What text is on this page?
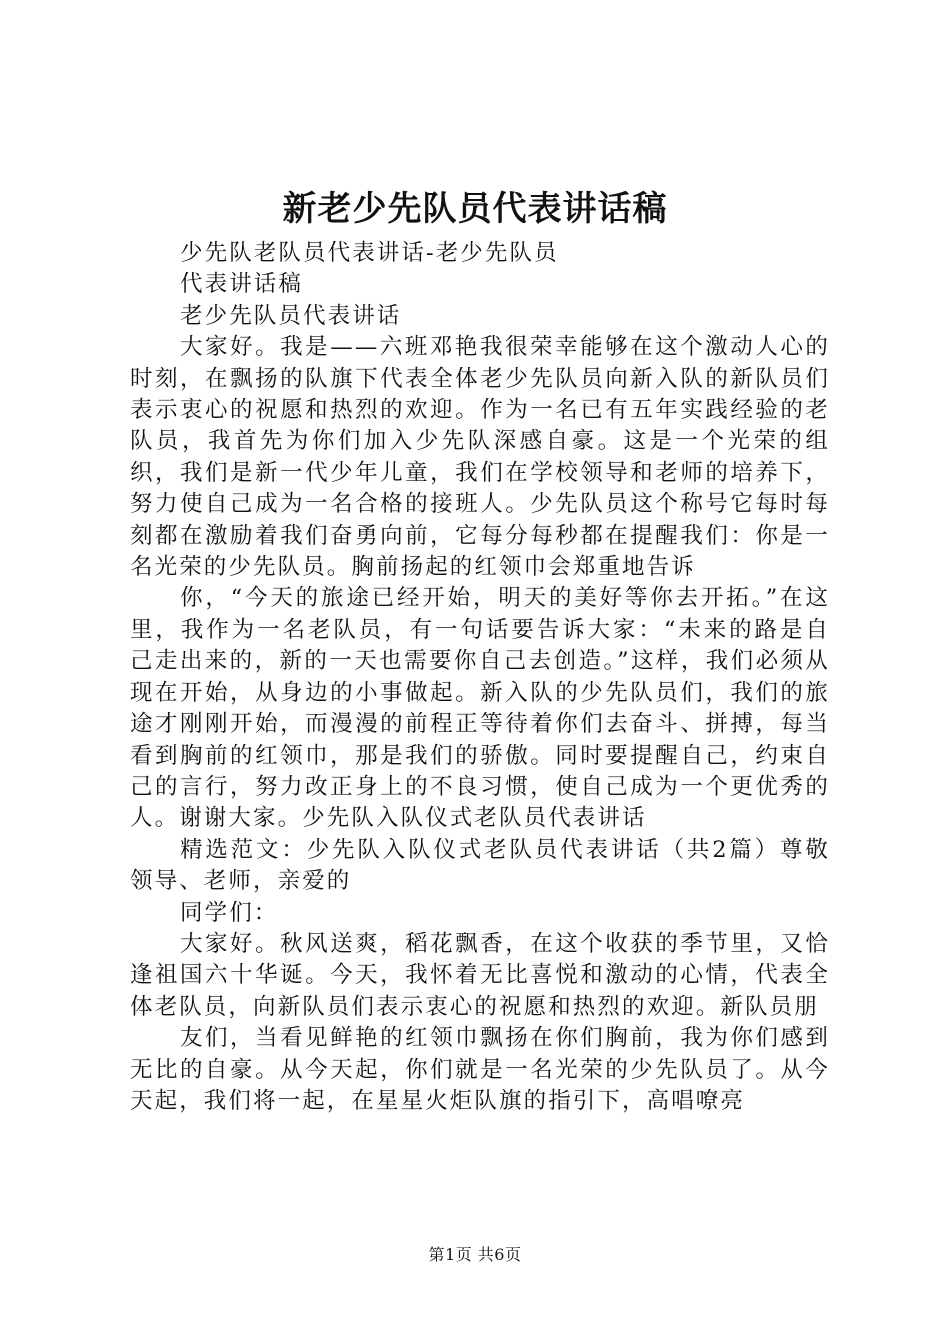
新老少先队员代表讲话稿

少先队老队员代表讲话-老少先队员

代表讲话稿

老少先队员代表讲话

大家好。我是——六班邓艳我很荣幸能够在这个激动人心的时刻，在飘扬的队旗下代表全体老少先队员向新入队的新队员们表示衷心的祝愿和热烈的欢迎。作为一名已有五年实践经验的老队员，我首先为你们加入少先队深感自豪。这是一个光荣的组织，我们是新一代少年儿童，我们在学校领导和老师的培养下，努力使自己成为一名合格的接班人。少先队员这个称号它每时每刻都在激励着我们奋勇向前，它每分每秒都在提醒我们：你是一名光荣的少先队员。胸前扬起的红领巾会郑重地告诉

你，“今天的旅途已经开始，明天的美好等你去开拓。”在这里，我作为一名老队员，有一句话要告诉大家：“未来的路是自己走出来的，新的一天也需要你自己去创造。”这样，我们必须从现在开始，从身边的小事做起。新入队的少先队员们，我们的旅途才刚刚开始，而漫漫的前程正等待着你们去奋斗、拼搏，每当看到胸前的红领巾，那是我们的骄傲。同时要提醒自己，约束自己的言行，努力改正身上的不良习惯，使自己成为一个更优秀的人。谢谢大家。少先队入队仪式老队员代表讲话

精选范文：少先队入队仪式老队员代表讲话（共2篇）尊敬领导、老师，亲爱的

同学们：

大家好。秋风送爽，稻花飘香，在这个收获的季节里，又恰逢祖国六十华诞。今天，我怀着无比喜悦和激动的心情，代表全体老队员，向新队员们表示衷心的祝愿和热烈的欢迎。新队员朋

友们，当看见鲜艳的红领巾飘扬在你们胸前，我为你们感到无比的自豪。从今天起，你们就是一名光荣的少先队员了。从今天起，我们将一起，在星星火炬队旗的指引下，高唱嘹亮

第1页 共6页
